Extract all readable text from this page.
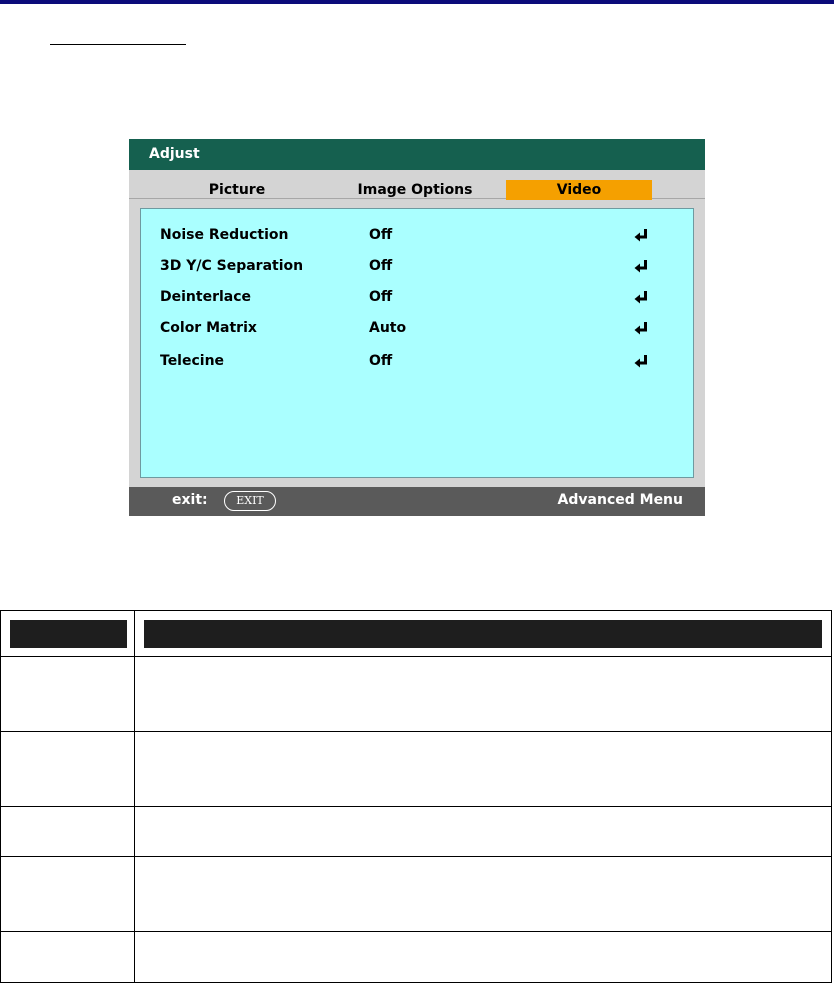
Adjust
Picture	Image Options	Video
Noise Reduction	Off
3D Y/C Separation	Off
Deinterlace	Off
Color Matrix	Auto
Telecine	Off
exit:	EXIT	Advanced Menu
